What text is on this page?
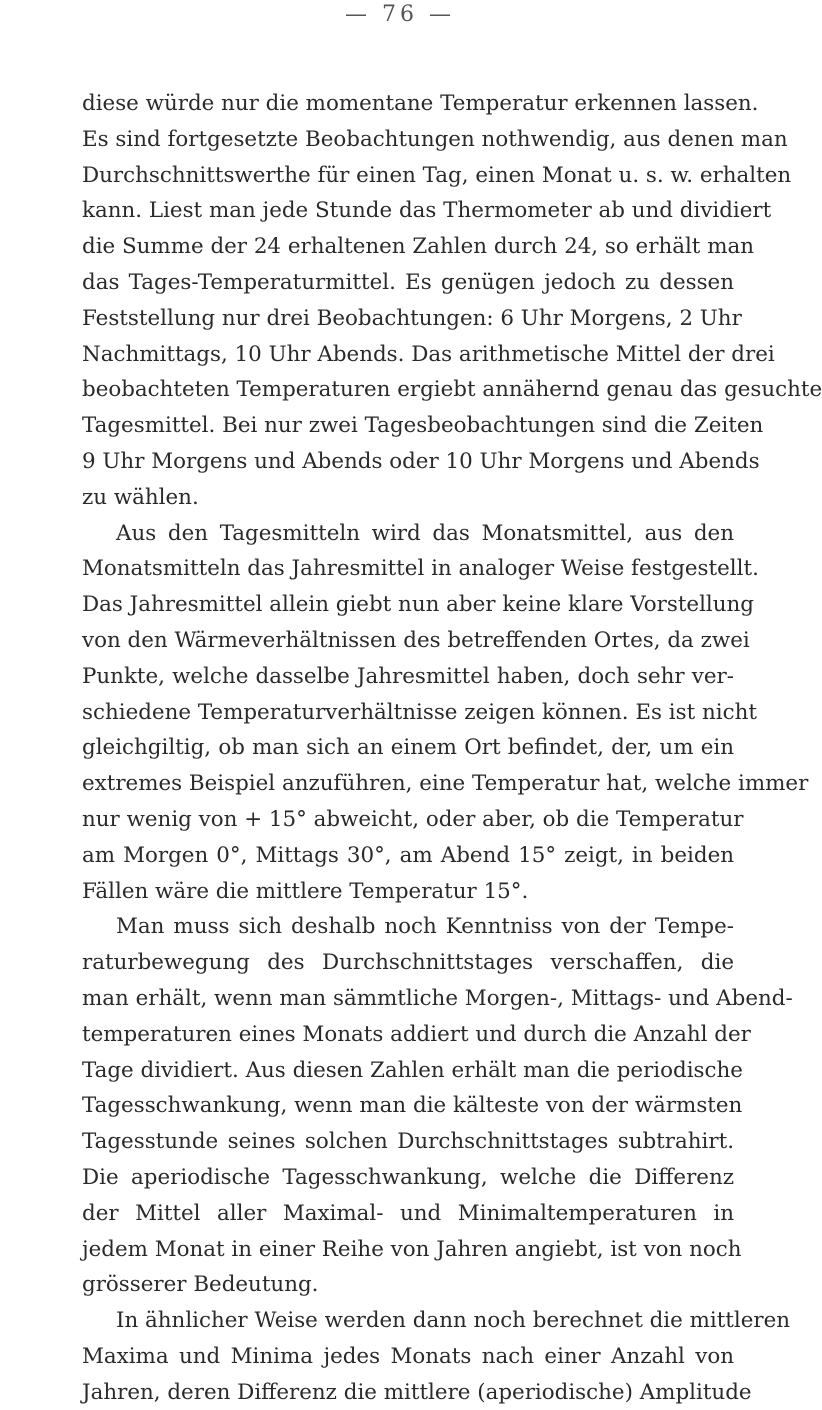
— 76 —
diese würde nur die momentane Temperatur erkennen lassen.
Es sind fortgesetzte Beobachtungen nothwendig, aus denen man
Durchschnittswerthe für einen Tag, einen Monat u. s. w. erhalten
kann. Liest man jede Stunde das Thermometer ab und dividiert
die Summe der 24 erhaltenen Zahlen durch 24, so erhält man
das Tages-Temperaturmittel. Es genügen jedoch zu dessen
Feststellung nur drei Beobachtungen: 6 Uhr Morgens, 2 Uhr
Nachmittags, 10 Uhr Abends. Das arithmetische Mittel der drei
beobachteten Temperaturen ergiebt annähernd genau das gesuchte
Tagesmittel. Bei nur zwei Tagesbeobachtungen sind die Zeiten
9 Uhr Morgens und Abends oder 10 Uhr Morgens und Abends
zu wählen.
Aus den Tagesmitteln wird das Monatsmittel, aus den
Monatsmitteln das Jahresmittel in analoger Weise festgestellt.
Das Jahresmittel allein giebt nun aber keine klare Vorstellung
von den Wärmeverhältnissen des betreffenden Ortes, da zwei
Punkte, welche dasselbe Jahresmittel haben, doch sehr ver-
schiedene Temperaturverhältnisse zeigen können. Es ist nicht
gleichgiltig, ob man sich an einem Ort befindet, der, um ein
extremes Beispiel anzuführen, eine Temperatur hat, welche immer
nur wenig von + 15° abweicht, oder aber, ob die Temperatur
am Morgen 0°, Mittags 30°, am Abend 15° zeigt, in beiden
Fällen wäre die mittlere Temperatur 15°.
Man muss sich deshalb noch Kenntniss von der Tempe-
raturbewegung des Durchschnittstages verschaffen, die
man erhält, wenn man sämmtliche Morgen-, Mittags- und Abend-
temperaturen eines Monats addiert und durch die Anzahl der
Tage dividiert. Aus diesen Zahlen erhält man die periodische
Tagesschwankung, wenn man die kälteste von der wärmsten
Tagesstunde seines solchen Durchschnittstages subtrahirt.
Die aperiodische Tagesschwankung, welche die Differenz
der Mittel aller Maximal- und Minimaltemperaturen in
jedem Monat in einer Reihe von Jahren angiebt, ist von noch
grösserer Bedeutung.
In ähnlicher Weise werden dann noch berechnet die mittleren
Maxima und Minima jedes Monats nach einer Anzahl von
Jahren, deren Differenz die mittlere (aperiodische) Amplitude
